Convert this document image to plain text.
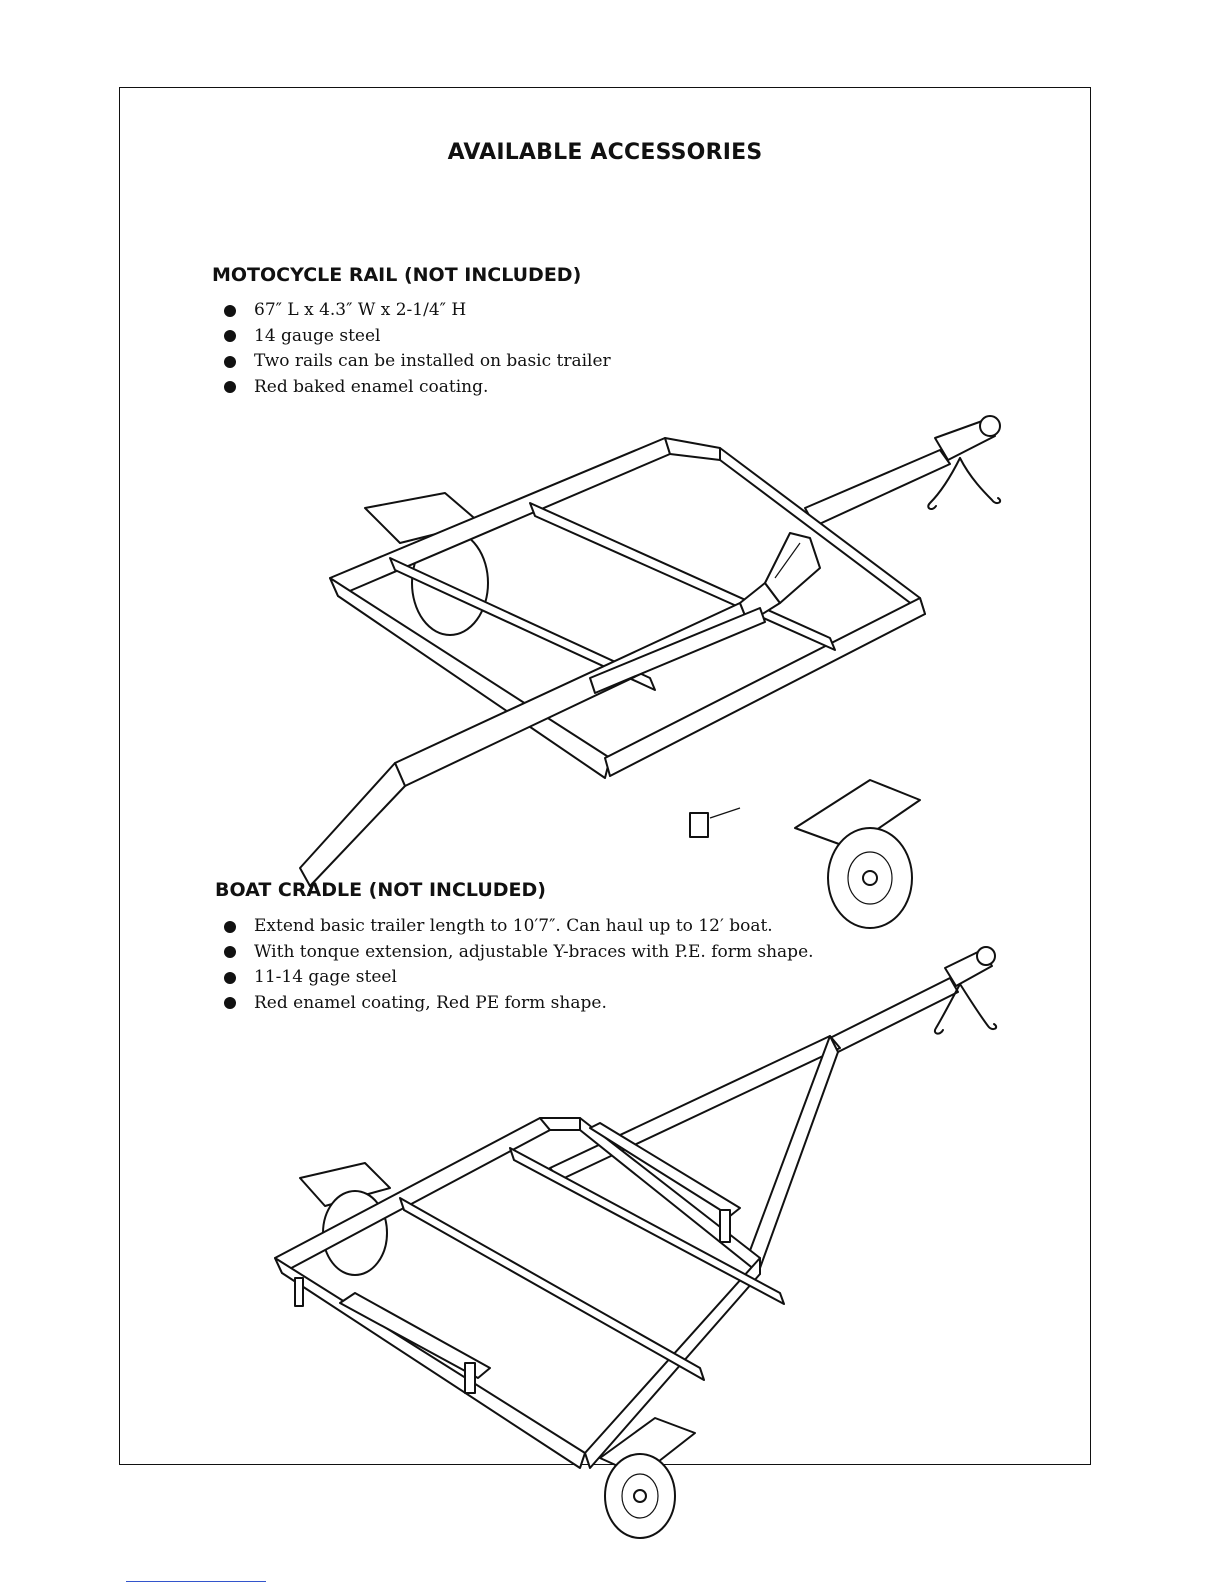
AVAILABLE ACCESSORIES
MOTOCYCLE RAIL (NOT INCLUDED)
67″ L x 4.3″ W x 2-1/4″ H
14 gauge steel
Two rails can be installed on basic trailer
Red baked enamel coating.
BOAT CRADLE (NOT INCLUDED)
Extend basic trailer length to 10′7″. Can haul up to 12′ boat.
With tonque extension, adjustable Y-braces with P.E. form shape.
11-14 gage steel
Red enamel coating, Red PE form shape.
